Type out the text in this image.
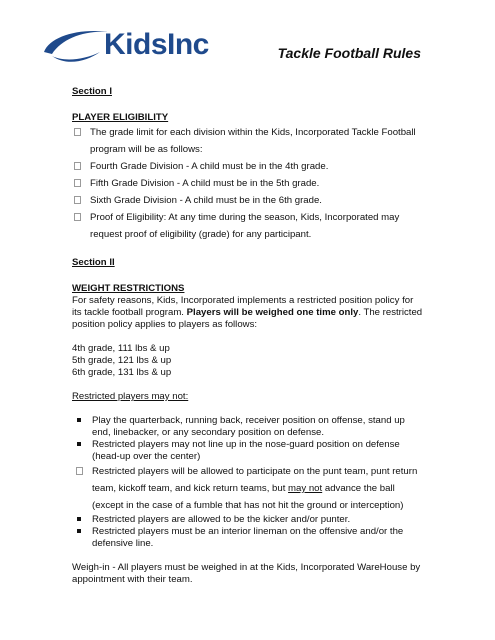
KidsInc	Tackle Football Rules

Section I

PLAYER ELIGIBILITY

The grade limit for each division within the Kids, Incorporated Tackle Football program will be as follows:
Fourth Grade Division - A child must be in the 4th grade.
Fifth Grade Division - A child must be in the 5th grade.
Sixth Grade Division - A child must be in the 6th grade.
Proof of Eligibility: At any time during the season, Kids, Incorporated may request proof of eligibility (grade) for any participant.

Section II

WEIGHT RESTRICTIONS

For safety reasons, Kids, Incorporated implements a restricted position policy for its tackle football program. Players will be weighed one time only. The restricted position policy applies to players as follows:

4th grade, 111 lbs & up

5th grade, 121 lbs & up

6th grade, 131 lbs & up

Restricted players may not:

Play the quarterback, running back, receiver position on offense, stand up end, linebacker, or any secondary position on defense.
Restricted players may not line up in the nose-guard position on defense (head-up over the center)
Restricted players will be allowed to participate on the punt team, punt return team, kickoff team, and kick return teams, but may not advance the ball (except in the case of a fumble that has not hit the ground or interception)
Restricted players are allowed to be the kicker and/or punter.
Restricted players must be an interior lineman on the offensive and/or the defensive line.

Weigh-in - All players must be weighed in at the Kids, Incorporated WareHouse by appointment with their team.
